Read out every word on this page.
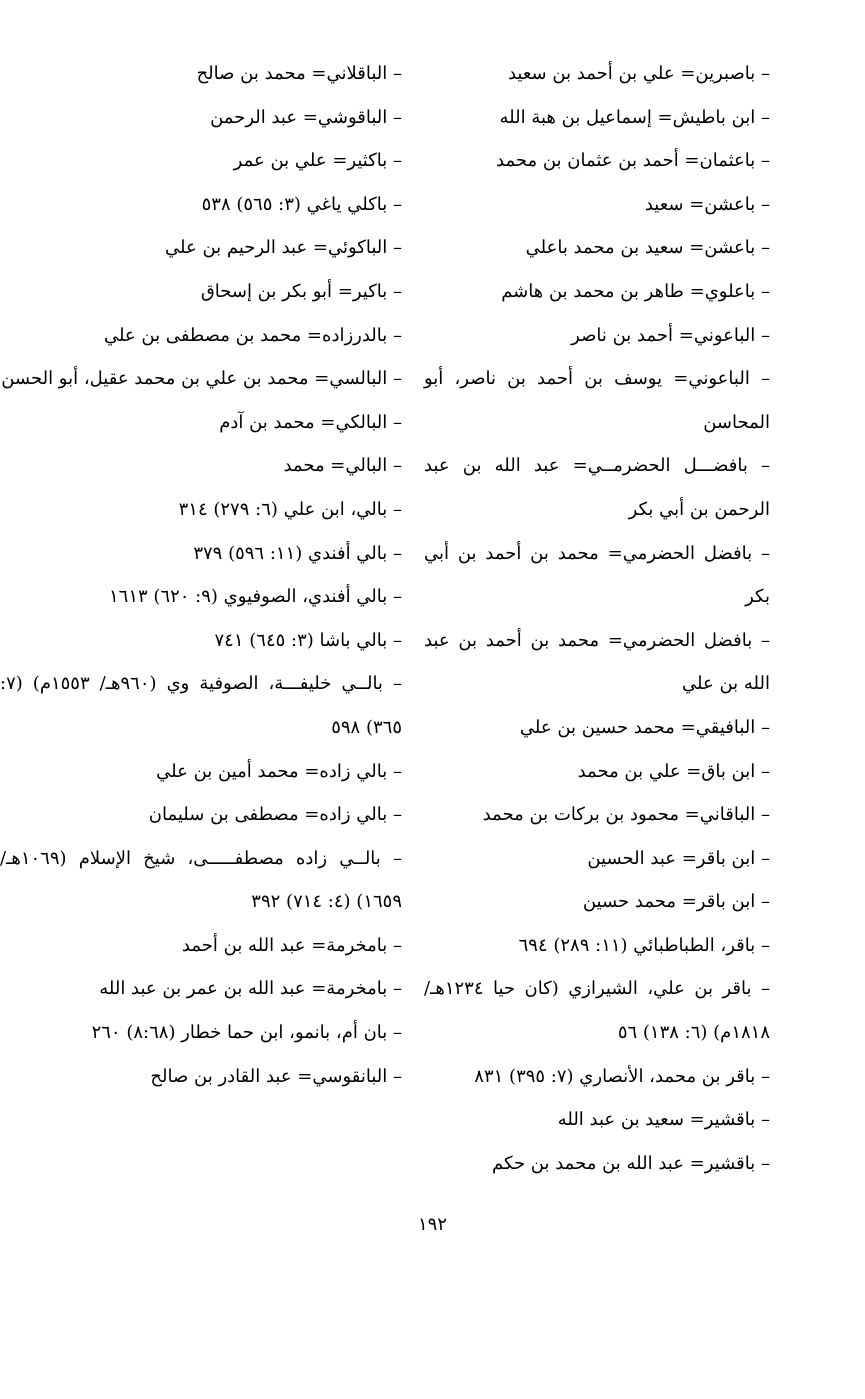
– باصبرين= علي بن أحمد بن سعيد

– ابن باطيش= إسماعيل بن هبة الله

– باعثمان= أحمد بن عثمان بن محمد

– باعشن= سعيد

– باعشن= سعيد بن محمد باعلي

– باعلوي= طاهر بن محمد بن هاشم

– الباعوني= أحمد بن ناصر

– الباعوني= يوسف بن أحمد بن ناصر، أبو المحاسن

– بافضـــل الحضرمــي= عبد الله بن عبد الرحمن بن أبي بكر

– بافضل الحضرمي= محمد بن أحمد بن أبي بكر

– بافضل الحضرمي= محمد بن أحمد بن عبد الله بن علي

– البافيقي= محمد حسين بن علي

– ابن باق= علي بن محمد

– الباقاني= محمود بن بركات بن محمد

– ابن باقر= عبد الحسين

– ابن باقر= محمد حسين

– باقر، الطباطبائي (١١: ٢٨٩) ٦٩٤

– باقر بن علي، الشيرازي (كان حيا ١٢٣٤هـ/ ١٨١٨م) (٦: ١٣٨) ٥٦

– باقر بن محمد، الأنصاري (٧: ٣٩٥) ٨٣١

– باقشير= سعيد بن عبد الله

– باقشير= عبد الله بن محمد بن حكم

– الباقلاني= محمد بن صالح

– الباقوشي= عبد الرحمن

– باكثير= علي بن عمر

– باكلي ياغي (٣: ٥٦٥) ٥٣٨

– الباكوئي= عبد الرحيم بن علي

– باكير= أبو بكر بن إسحاق

– بالدرزاده= محمد بن مصطفى بن علي

– البالسي= محمد بن علي بن محمد عقيل، أبو الحسن

– البالكي= محمد بن آدم

– البالي= محمد

– بالي، ابن علي (٦: ٢٧٩) ٣١٤

– بالي أفندي (١١: ٥٩٦) ٣٧٩

– بالي أفندي، الصوفيوي (٩: ٦٢٠) ١٦١٣

– بالي باشا (٣: ٦٤٥) ٧٤١

– بالــي خليفـــة، الصوفية وي (٩٦٠هـ/ ١٥٥٣م) (٧: ٣٦٥) ٥٩٨

– بالي زاده= محمد أمين بن علي

– بالي زاده= مصطفى بن سليمان

– بالــي زاده مصطفـــــى، شيخ الإسلام (١٠٦٩هـ/ ١٦٥٩) (٤: ٧١٤) ٣٩٢

– بامخرمة= عبد الله بن أحمد

– بامخرمة= عبد الله بن عمر بن عبد الله

– بان أم، بانمو، ابن حما خطار (٨:٦٨) ٢٦٠

– البانقوسي= عبد القادر بن صالح

١٩٢
